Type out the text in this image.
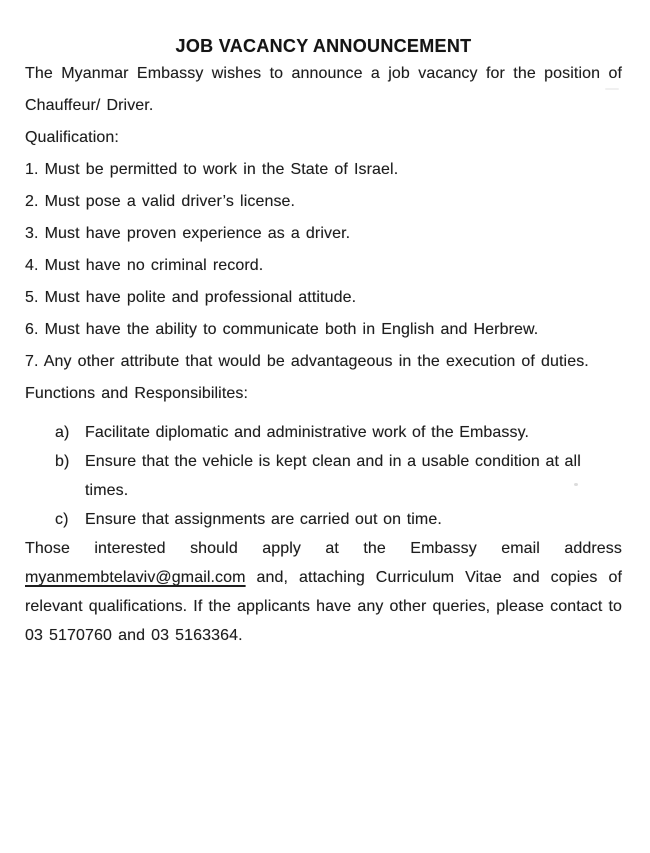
JOB VACANCY ANNOUNCEMENT

The Myanmar Embassy wishes to announce a job vacancy for the position of Chauffeur/ Driver.

Qualification:

1. Must be permitted to work in the State of Israel.

2. Must pose a valid driver’s license.

3. Must have proven experience as a driver.

4. Must have no criminal record.

5. Must have polite and professional attitude.

6. Must have the ability to communicate both in English and Herbrew.

7. Any other attribute that would be advantageous in the execution of duties.

Functions and Responsibilites:

a) Facilitate diplomatic and administrative work of the Embassy.
b) Ensure that the vehicle is kept clean and in a usable condition at all times.
c)	Ensure that assignments are carried out on time.

Those interested should apply at the Embassy email address myanmembtelaviv@gmail.com and, attaching Curriculum Vitae and copies of relevant qualifications. If the applicants have any other queries, please contact to 03 5170760 and 03 5163364.
